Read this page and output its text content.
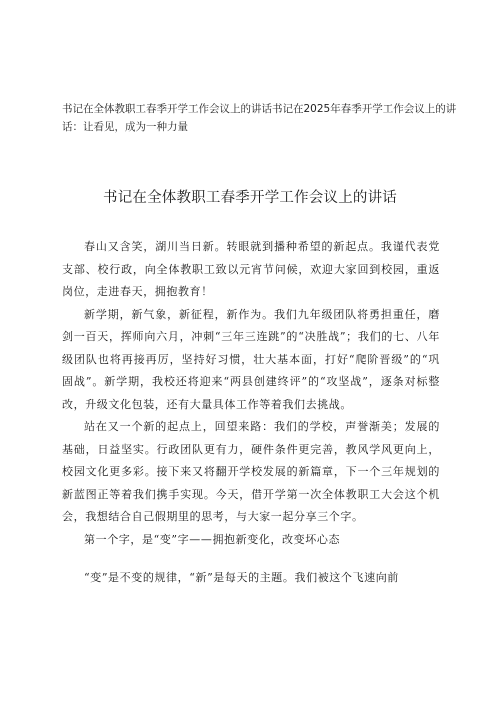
书记在全体教职工春季开学工作会议上的讲话书记在2025年春季开学工作会议上的讲话：让看见，成为一种力量

书记在全体教职工春季开学工作会议上的讲话

春山又含笑，湖川当日新。转眼就到播种希望的新起点。我谨代表党支部、校行政，向全体教职工致以元宵节问候，欢迎大家回到校园，重返岗位，走进春天，拥抱教育！

新学期，新气象，新征程，新作为。我们九年级团队将勇担重任，磨剑一百天，挥师向六月，冲刺“三年三连跳”的“决胜战”；我们的七、八年级团队也将再接再厉，坚持好习惯，壮大基本面，打好“爬阶晋级”的“巩固战”。新学期，我校还将迎来“两县创建终评”的“攻坚战”，逐条对标整改，升级文化包装，还有大量具体工作等着我们去挑战。

站在又一个新的起点上，回望来路：我们的学校，声誉渐美；发展的基础，日益坚实。行政团队更有力，硬件条件更完善，教风学风更向上，校园文化更多彩。接下来又将翻开学校发展的新篇章，下一个三年规划的新蓝图正等着我们携手实现。今天，借开学第一次全体教职工大会这个机会，我想结合自己假期里的思考，与大家一起分享三个字。

第一个字，是“变”字——拥抱新变化，改变坏心态

“变”是不变的规律，“新”是每天的主题。我们被这个飞速向前
